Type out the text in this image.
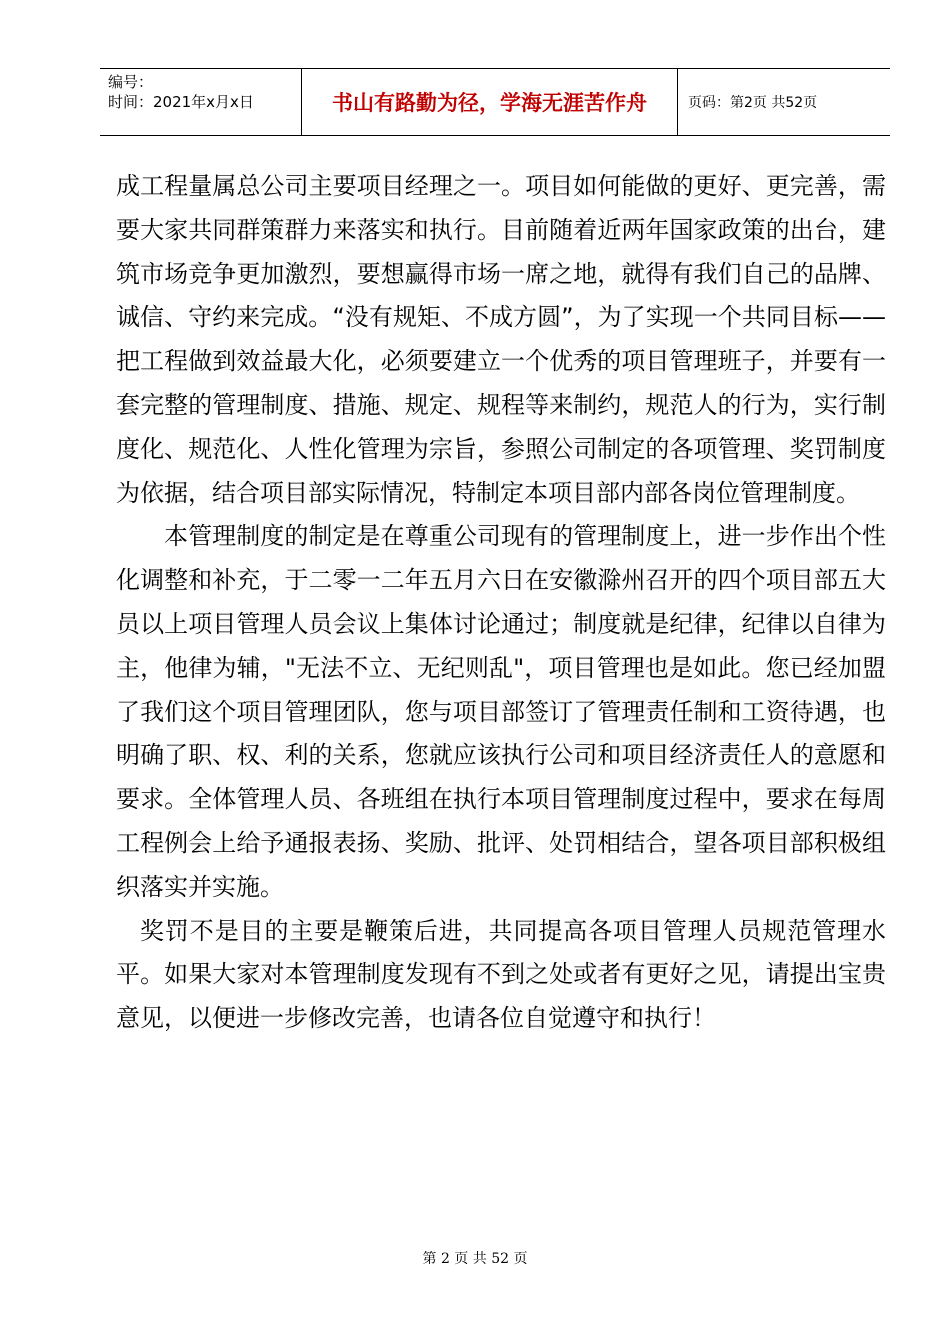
编号：
时间：2021年x月x日	书山有路勤为径，学海无涯苦作舟	页码：第2页 共52页

成工程量属总公司主要项目经理之一。项目如何能做的更好、更完善，需要大家共同群策群力来落实和执行。目前随着近两年国家政策的出台，建筑市场竞争更加激烈，要想赢得市场一席之地，就得有我们自己的品牌、诚信、守约来完成。“没有规矩、不成方圆”，为了实现一个共同目标——把工程做到效益最大化，必须要建立一个优秀的项目管理班子，并要有一套完整的管理制度、措施、规定、规程等来制约，规范人的行为，实行制度化、规范化、人性化管理为宗旨，参照公司制定的各项管理、奖罚制度为依据，结合项目部实际情况，特制定本项目部内部各岗位管理制度。

本管理制度的制定是在尊重公司现有的管理制度上，进一步作出个性化调整和补充，于二零一二年五月六日在安徽滁州召开的四个项目部五大员以上项目管理人员会议上集体讨论通过；制度就是纪律，纪律以自律为主，他律为辅，"无法不立、无纪则乱"，项目管理也是如此。您已经加盟了我们这个项目管理团队，您与项目部签订了管理责任制和工资待遇，也明确了职、权、利的关系，您就应该执行公司和项目经济责任人的意愿和要求。全体管理人员、各班组在执行本项目管理制度过程中，要求在每周工程例会上给予通报表扬、奖励、批评、处罚相结合，望各项目部积极组织落实并实施。

奖罚不是目的主要是鞭策后进，共同提高各项目管理人员规范管理水平。如果大家对本管理制度发现有不到之处或者有更好之见，请提出宝贵意见，以便进一步修改完善，也请各位自觉遵守和执行！

第 2 页 共 52 页
